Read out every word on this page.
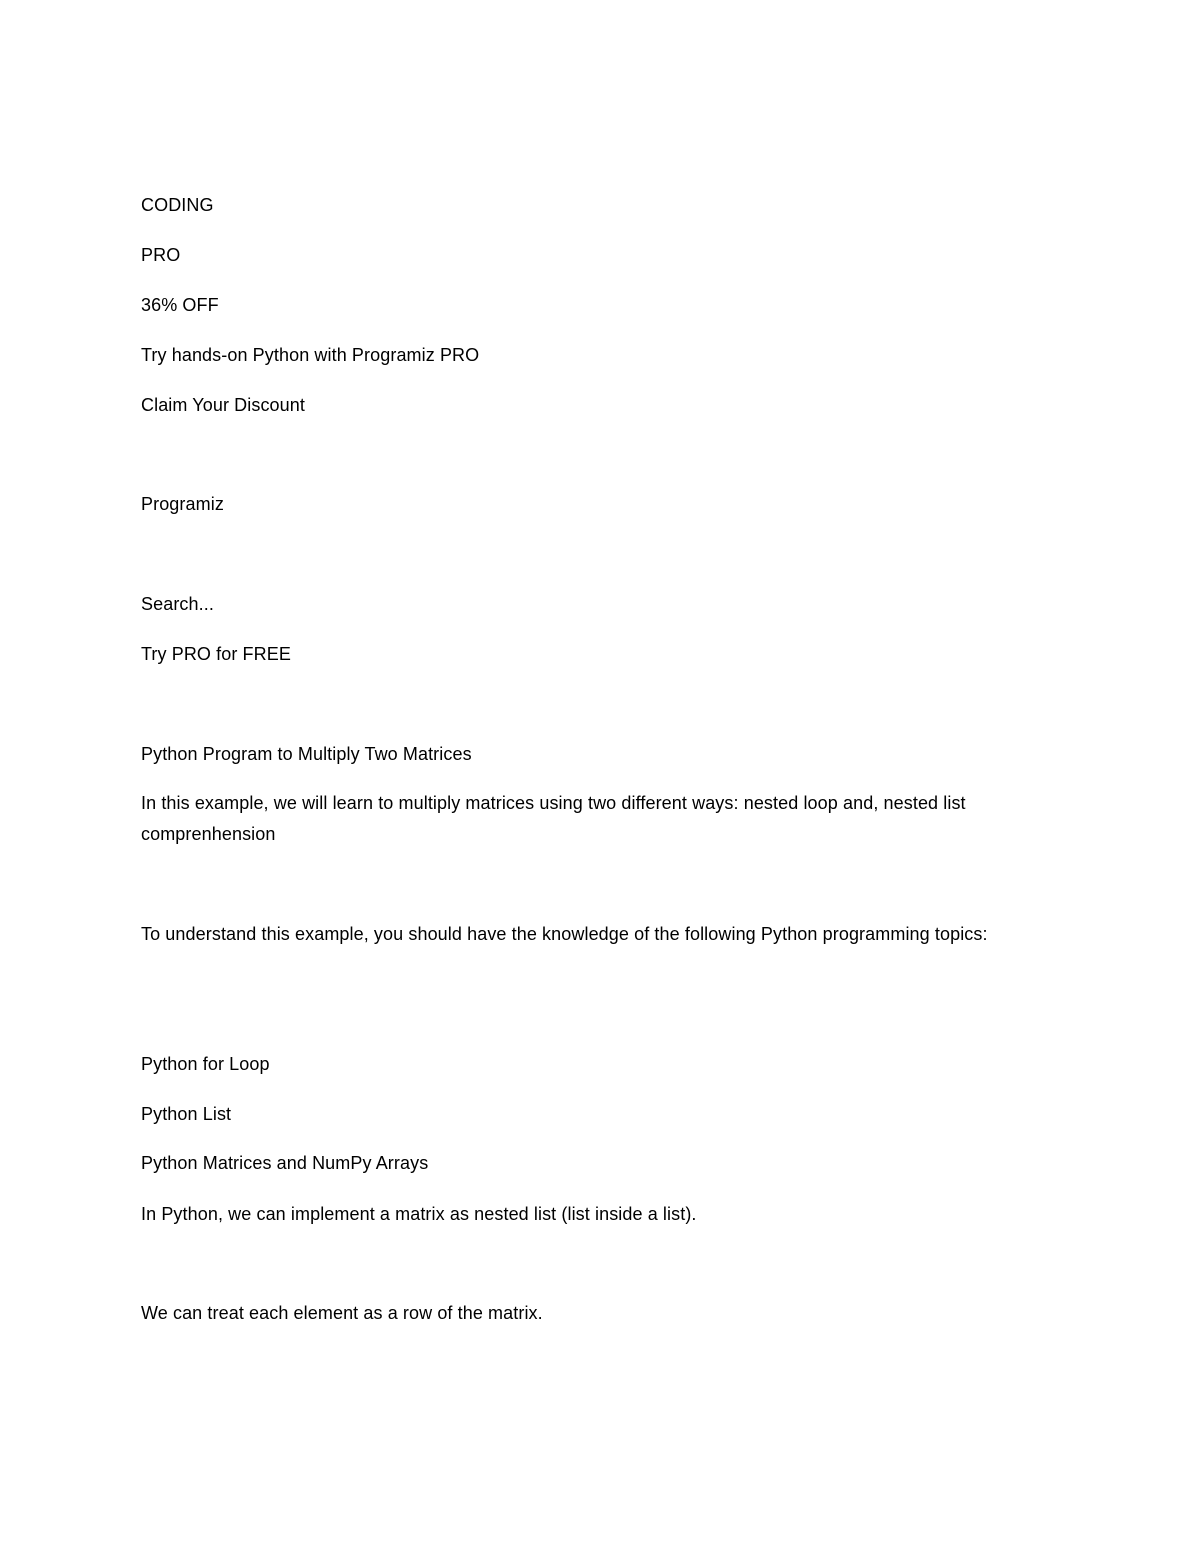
CODING

PRO

36% OFF

Try hands-on Python with Programiz PRO

Claim Your Discount

Programiz

Search...

Try PRO for FREE

Python Program to Multiply Two Matrices

In this example, we will learn to multiply matrices using two different ways: nested loop and, nested list comprenhension

To understand this example, you should have the knowledge of the following Python programming topics:

Python for Loop

Python List

Python Matrices and NumPy Arrays

In Python, we can implement a matrix as nested list (list inside a list).

We can treat each element as a row of the matrix.
